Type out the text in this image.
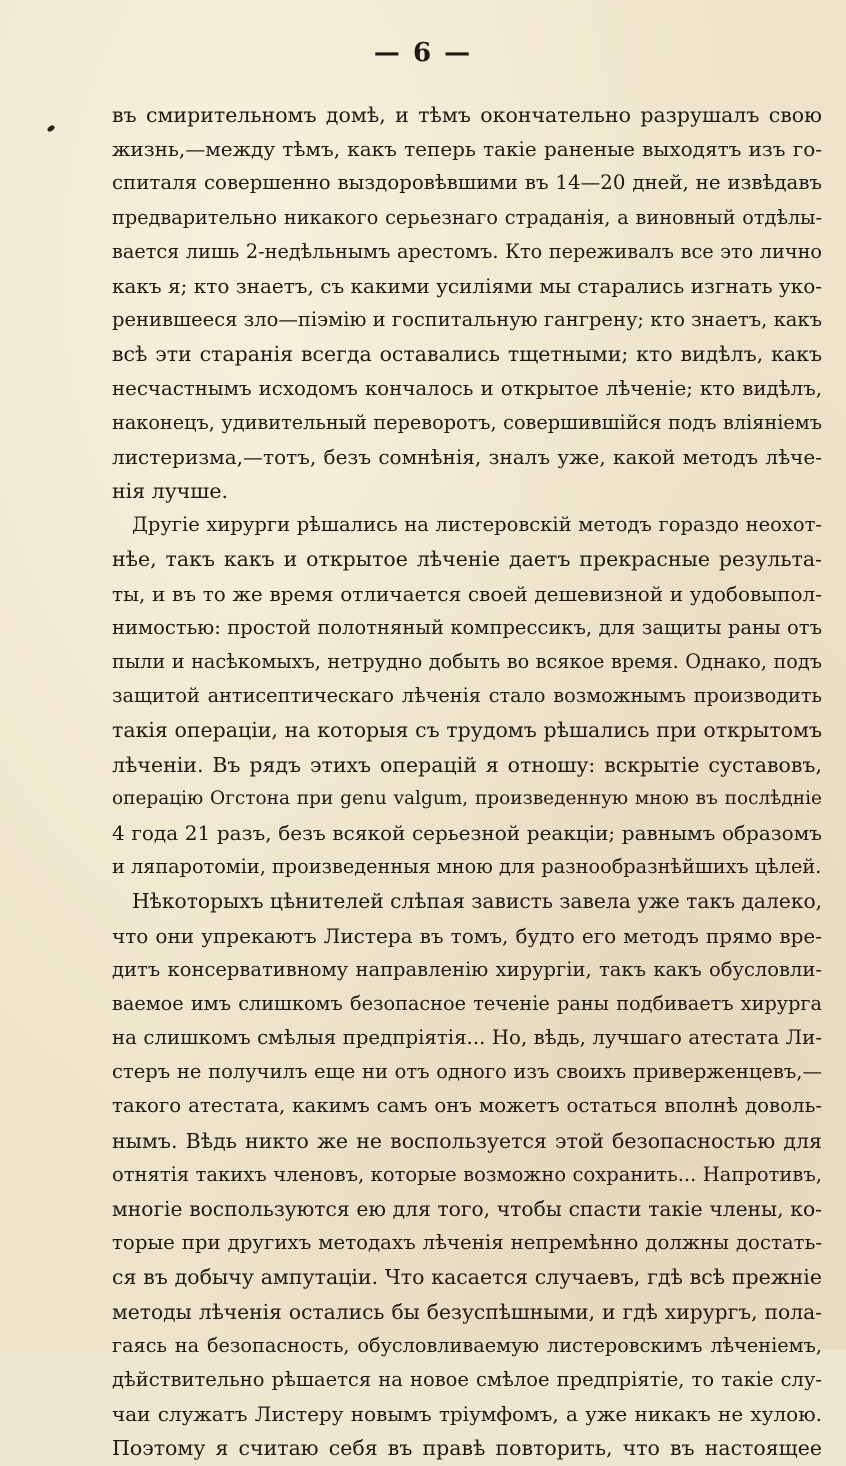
— 6 —
въ смирительномъ домѣ, и тѣмъ окончательно разрушалъ свою
жизнь,—между тѣмъ, какъ теперь такіе раненые выходятъ изъ го-
спиталя совершенно выздоровѣвшими въ 14—20 дней, не извѣдавъ
предварительно никакого серьезнаго страданія, а виновный отдѣлы-
вается лишь 2-недѣльнымъ арестомъ. Кто переживалъ все это лично
какъ я; кто знаетъ, съ какими усиліями мы старались изгнать уко-
ренившееся зло—піэмію и госпитальную гангрену; кто знаетъ, какъ
всѣ эти старанія всегда оставались тщетными; кто видѣлъ, какъ
несчастнымъ исходомъ кончалось и открытое лѣченіе; кто видѣлъ,
наконецъ, удивительный переворотъ, совершившійся подъ вліяніемъ
листеризма,—тотъ, безъ сомнѣнія, зналъ уже, какой методъ лѣче-
нія лучше.
Другіе хирурги рѣшались на листеровскій методъ гораздо неохот-
нѣе, такъ какъ и открытое лѣченіе даетъ прекрасные результа-
ты, и въ то же время отличается своей дешевизной и удобовыпол-
нимостью: простой полотняный компрессикъ, для защиты раны отъ
пыли и насѣкомыхъ, нетрудно добыть во всякое время. Однако, подъ
защитой антисептическаго лѣченія стало возможнымъ производить
такія операціи, на которыя съ трудомъ рѣшались при открытомъ
лѣченіи. Въ рядъ этихъ операцій я отношу: вскрытіе суставовъ,
операцію Огстона при genu valgum, произведенную мною въ послѣдніе
4 года 21 разъ, безъ всякой серьезной реакціи; равнымъ образомъ
и ляпаротоміи, произведенныя мною для разнообразнѣйшихъ цѣлей.
Нѣкоторыхъ цѣнителей слѣпая зависть завела уже такъ далеко,
что они упрекаютъ Листера въ томъ, будто его методъ прямо вре-
дитъ консервативному направленію хирургіи, такъ какъ обусловли-
ваемое имъ слишкомъ безопасное теченіе раны подбиваетъ хирурга
на слишкомъ смѣлыя предпріятія... Но, вѣдь, лучшаго атестата Ли-
стеръ не получилъ еще ни отъ одного изъ своихъ приверженцевъ,—
такого атестата, какимъ самъ онъ можетъ остаться вполнѣ доволь-
нымъ. Вѣдь никто же не воспользуется этой безопасностью для
отнятія такихъ членовъ, которые возможно сохранить... Напротивъ,
многіе воспользуются ею для того, чтобы спасти такіе члены, ко-
торые при другихъ методахъ лѣченія непремѣнно должны достать-
ся въ добычу ампутаціи. Что касается случаевъ, гдѣ всѣ прежніе
методы лѣченія остались бы безуспѣшными, и гдѣ хирургъ, пола-
гаясь на безопасность, обусловливаемую листеровскимъ лѣченіемъ,
дѣйствительно рѣшается на новое смѣлое предпріятіе, то такіе слу-
чаи служатъ Листеру новымъ тріумфомъ, а уже никакъ не хулою.
Поэтому я считаю себя въ правѣ повторить, что въ настоящее
